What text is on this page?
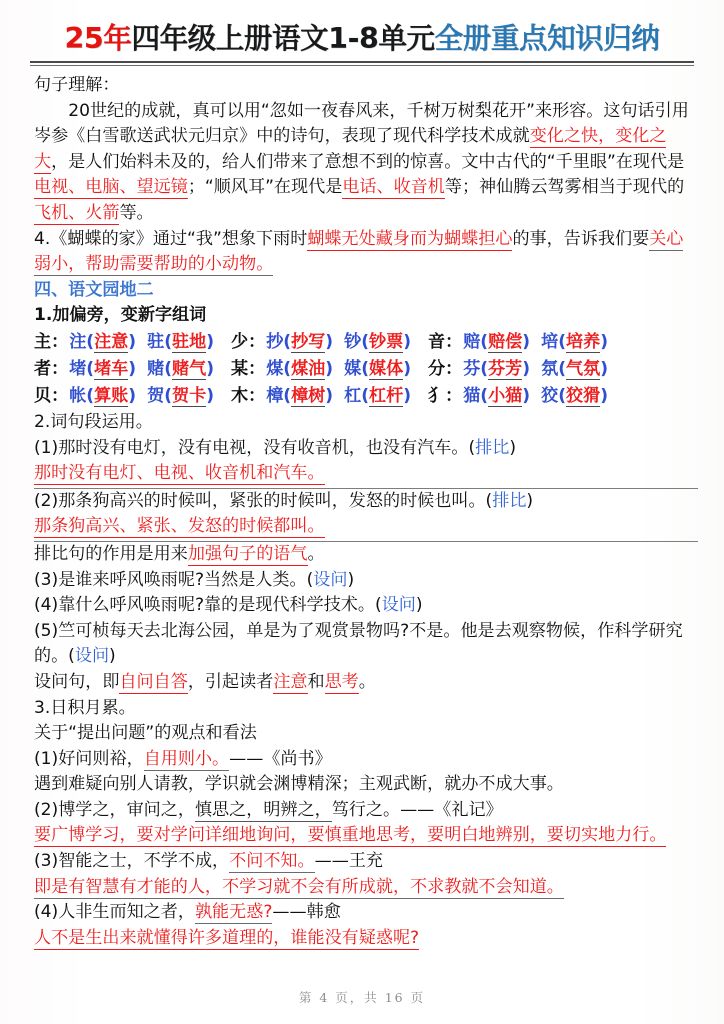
25年四年级上册语文1-8单元全册重点知识归纳
句子理解：
20世纪的成就，真可以用“忽如一夜春风来，千树万树梨花开”来形容。这句话引用岑参《白雪歌送武状元归京》中的诗句，表现了现代科学技术成就变化之快，变化之大，是人们始料未及的，给人们带来了意想不到的惊喜。文中古代的“千里眼”在现代是电视、电脑、望远镜；“顺风耳”在现代是电话、收音机等；神仙腾云驾雾相当于现代的飞机、火箭等。
4.《蝴蝶的家》通过“我”想象下雨时蝴蝶无处藏身而为蝴蝶担心的事，告诉我们要关心弱小，帮助需要帮助的小动物。
四、语文园地二
1.加偏旁，变新字组词
主：注(注意) 驻(驻地) 少：抄(抄写) 钞(钞票) 音：赔(赔偿) 培(培养)
者：堵(堵车) 赌(赌气) 某：煤(煤油) 媒(媒体) 分：芬(芬芳) 氛(气氛)
贝：帐(算账) 贺(贺卡) 木：樟(樟树) 杠(杠杆) 犭：猫(小猫) 狡(狡猾)
2.词句段运用。
(1)那时没有电灯，没有电视，没有收音机，也没有汽车。(排比)
那时没有电灯、电视、收音机和汽车。
(2)那条狗高兴的时候叫，紧张的时候叫，发怒的时候也叫。(排比)
那条狗高兴、紧张、发怒的时候都叫。
排比句的作用是用来加强句子的语气。
(3)是谁来呼风唤雨呢?当然是人类。(设问)
(4)靠什么呼风唤雨呢?靠的是现代科学技术。(设问)
(5)竺可桢每天去北海公园，单是为了观赏景物吗?不是。他是去观察物候，作科学研究的。(设问)
设问句，即自问自答，引起读者注意和思考。
3.日积月累。
关于“提出问题”的观点和看法
(1)好问则裕，自用则小。——《尚书》
遇到难疑向别人请教，学识就会渊博精深；主观武断，就办不成大事。
(2)博学之，审问之，慎思之，明辨之，笃行之。——《礼记》
要广博学习，要对学问详细地询问，要慎重地思考，要明白地辨别，要切实地力行。
(3)智能之士，不学不成，不问不知。——王充
即是有智慧有才能的人，不学习就不会有所成就，不求教就不会知道。
(4)人非生而知之者，孰能无惑?——韩愈
人不是生出来就懂得许多道理的，谁能没有疑惑呢?
第 4 页，共 16 页
